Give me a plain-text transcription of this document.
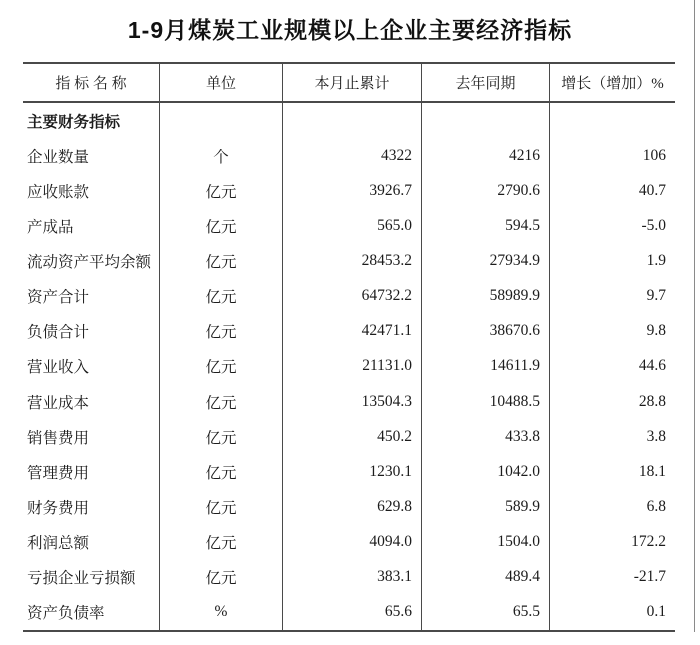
1-9月煤炭工业规模以上企业主要经济指标
指 标 名 称	单位	本月止累计	去年同期	增长（增加）%
主要财务指标
企业数量	个	4322	4216	106
应收账款	亿元	3926.7	2790.6	40.7
产成品	亿元	565.0	594.5	-5.0
流动资产平均余额	亿元	28453.2	27934.9	1.9
资产合计	亿元	64732.2	58989.9	9.7
负债合计	亿元	42471.1	38670.6	9.8
营业收入	亿元	21131.0	14611.9	44.6
营业成本	亿元	13504.3	10488.5	28.8
销售费用	亿元	450.2	433.8	3.8
管理费用	亿元	1230.1	1042.0	18.1
财务费用	亿元	629.8	589.9	6.8
利润总额	亿元	4094.0	1504.0	172.2
亏损企业亏损额	亿元	383.1	489.4	-21.7
资产负债率	%	65.6	65.5	0.1
